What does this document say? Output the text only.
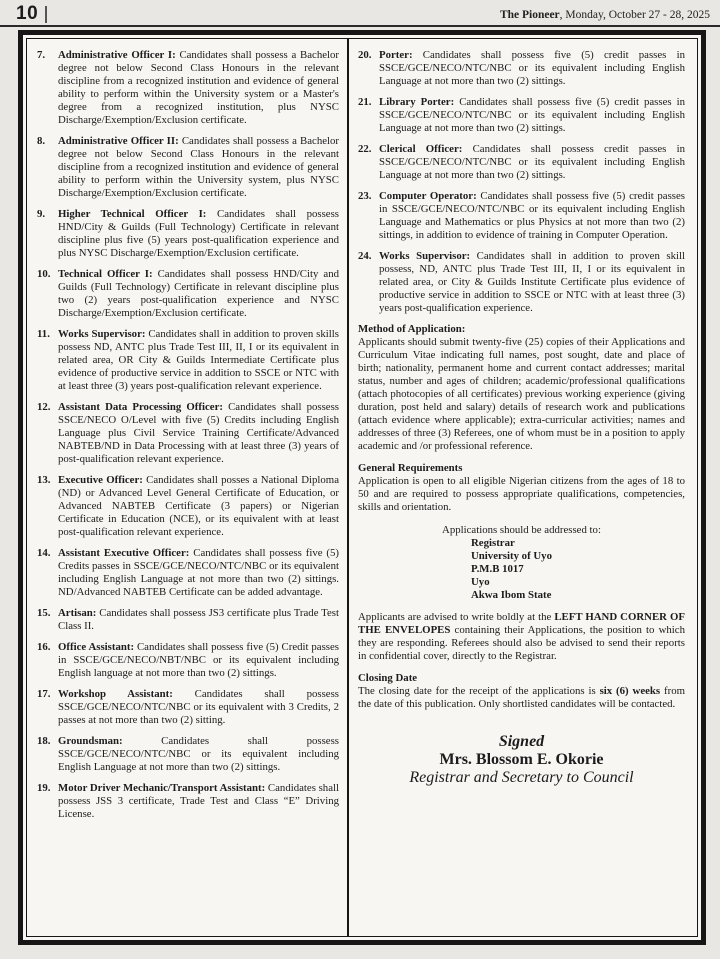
10	The Pioneer, Monday, October 27 - 28, 2025
7.	Administrative Officer I: Candidates shall possess a Bachelor degree not below Second Class Honours in the relevant discipline from a recognized institution and evidence of general ability to perform within the University system or a Master's degree from a recognized institution, plus NYSC Discharge/Exemption/Exclusion certificate.
8.	Administrative Officer II: Candidates shall possess a Bachelor degree not below Second Class Honours in the relevant discipline from a recognized institution and evidence of general ability to perform within the University system, plus NYSC Discharge/Exemption/Exclusion certificate.
9.	Higher Technical Officer I: Candidates shall possess HND/City & Guilds (Full Technology) Certificate in relevant discipline plus five (5) years post-qualification experience and plus NYSC Discharge/Exemption/Exclusion certificate.
10. Technical Officer I: Candidates shall possess HND/City and Guilds (Full Technology) Certificate in relevant discipline plus two (2) years post-qualification experience and NYSC Discharge/Exemption/Exclusion certificate.
11. Works Supervisor: Candidates shall in addition to proven skills possess ND, ANTC plus Trade Test III, II, I or its equivalent in related area, OR City & Guilds Intermediate Certificate plus evidence of productive service in addition to SSCE or NTC with at least three (3) years post-qualification relevant experience.
12. Assistant Data Processing Officer: Candidates shall possess SSCE/NECO O/Level with five (5) Credits including English Language plus Civil Service Training Certificate/Advanced NABTEB/ND in Data Processing with at least three (3) years of post-qualification relevant experience.
13. Executive Officer: Candidates shall posses a National Diploma (ND) or Advanced Level General Certificate of Education, or Advanced NABTEB Certificate (3 papers) or Nigerian Certificate in Education (NCE), or its equivalent with at least post-qualification relevant experience.
14. Assistant Executive Officer: Candidates shall possess five (5) Credits passes in SSCE/GCE/NECO/NTC/NBC or its equivalent including English Language at not more than two (2) sittings. ND/Advanced NABTEB Certificate can be added advantage.
15. Artisan: Candidates shall possess JS3 certificate plus Trade Test Class II.
16. Office Assistant: Candidates shall possess five (5) Credit passes in SSCE/GCE/NECO/NBT/NBC or its equivalent including English language at not more than two (2) sittings.
17. Workshop Assistant: Candidates shall possess SSCE/GCE/NECO/NTC/NBC or its equivalent with 3 Credits, 2 passes at not more than two (2) sitting.
18. Groundsman:	Candidates shall possess SSCE/GCE/NECO/NTC/NBC or its equivalent including English Language at not more than two (2) sittings.
19. Motor Driver Mechanic/Transport Assistant: Candidates shall possess JSS 3 certificate, Trade Test and Class “E” Driving License.
20. Porter: Candidates shall possess five (5) credit passes in SSCE/GCE/NECO/NTC/NBC or its equivalent including English Language at not more than two (2) sittings.
21. Library Porter: Candidates shall possess five (5) credit passes in SSCE/GCE/NECO/NTC/NBC or its equivalent including English Language at not more than two (2) sittings.
22. Clerical Officer: Candidates shall possess credit passes in SSCE/GCE/NECO/NTC/NBC or its equivalent including English Language at not more than two (2) sittings.
23. Computer Operator: Candidates shall possess five (5) credit passes in SSCE/GCE/NECO/NTC/NBC or its equivalent including English Language and Mathematics or plus Physics at not more than two (2) sittings, in addition to evidence of training in Computer Operation.
24. Works Supervisor: Candidates shall in addition to proven skill possess, ND, ANTC plus Trade Test III, II, I or its equivalent in related area, or City & Guilds Institute Certificate plus evidence of productive service in addition to SSCE or NTC with at least three (3) years post-qualification experience.
Method of Application:
Applicants should submit twenty-five (25) copies of their Applications and Curriculum Vitae indicating full names, post sought, date and place of birth; nationality, permanent home and current contact addresses; marital status, number and ages of children; academic/professional qualifications (attach photocopies of all certificates) previous working experience (giving duration, post held and salary) details of research work and publications (attach evidence where applicable); extra-curricular activities; names and addresses of three (3) Referees, one of whom must be in a position to apply academic and /or professional reference.
General Requirements
Application is open to all eligible Nigerian citizens from the ages of 18 to 50 and are required to possess appropriate qualifications, competencies, skills and orientation.
Applications should be addressed to:
Registrar
University of Uyo
P.M.B 1017
Uyo
Akwa Ibom State

Applicants are advised to write boldly at the LEFT HAND CORNER OF THE ENVELOPES containing their Applications, the position to which they are responding. Referees should also be advised to send their reports in confidential cover, directly to the Registrar.

Closing Date

The closing date for the receipt of the applications is six (6) weeks from the date of this publication. Only shortlisted candidates will be contacted.

Signed
Mrs. Blossom E. Okorie
Registrar and Secretary to Council
